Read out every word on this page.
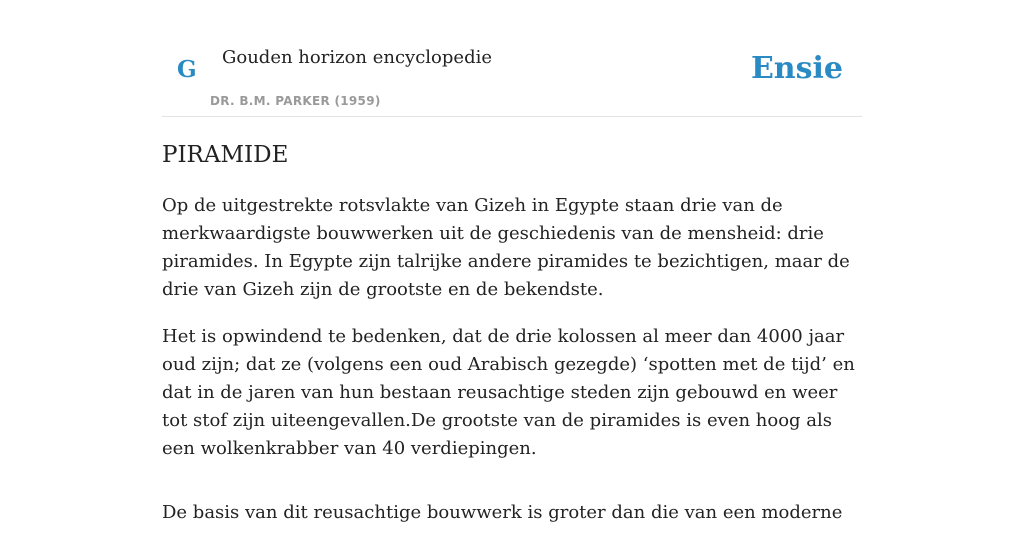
G Gouden horizon encyclopedie
DR. B.M. PARKER (1959)
Ensie
PIRAMIDE

Op de uitgestrekte rotsvlakte van Gizeh in Egypte staan drie van de merkwaardigste bouwwerken uit de geschiedenis van de mensheid: drie piramides. In Egypte zijn talrijke andere piramides te bezichtigen, maar de drie van Gizeh zijn de grootste en de bekendste.

Het is opwindend te bedenken, dat de drie kolossen al meer dan 4000 jaar oud zijn; dat ze (volgens een oud Arabisch gezegde) ‘spotten met de tijd’ en dat in de jaren van hun bestaan reusachtige steden zijn gebouwd en weer tot stof zijn uiteengevallen.De grootste van de piramides is even hoog als een wolkenkrabber van 40 verdiepingen.

De basis van dit reusachtige bouwwerk is groter dan die van een moderne
